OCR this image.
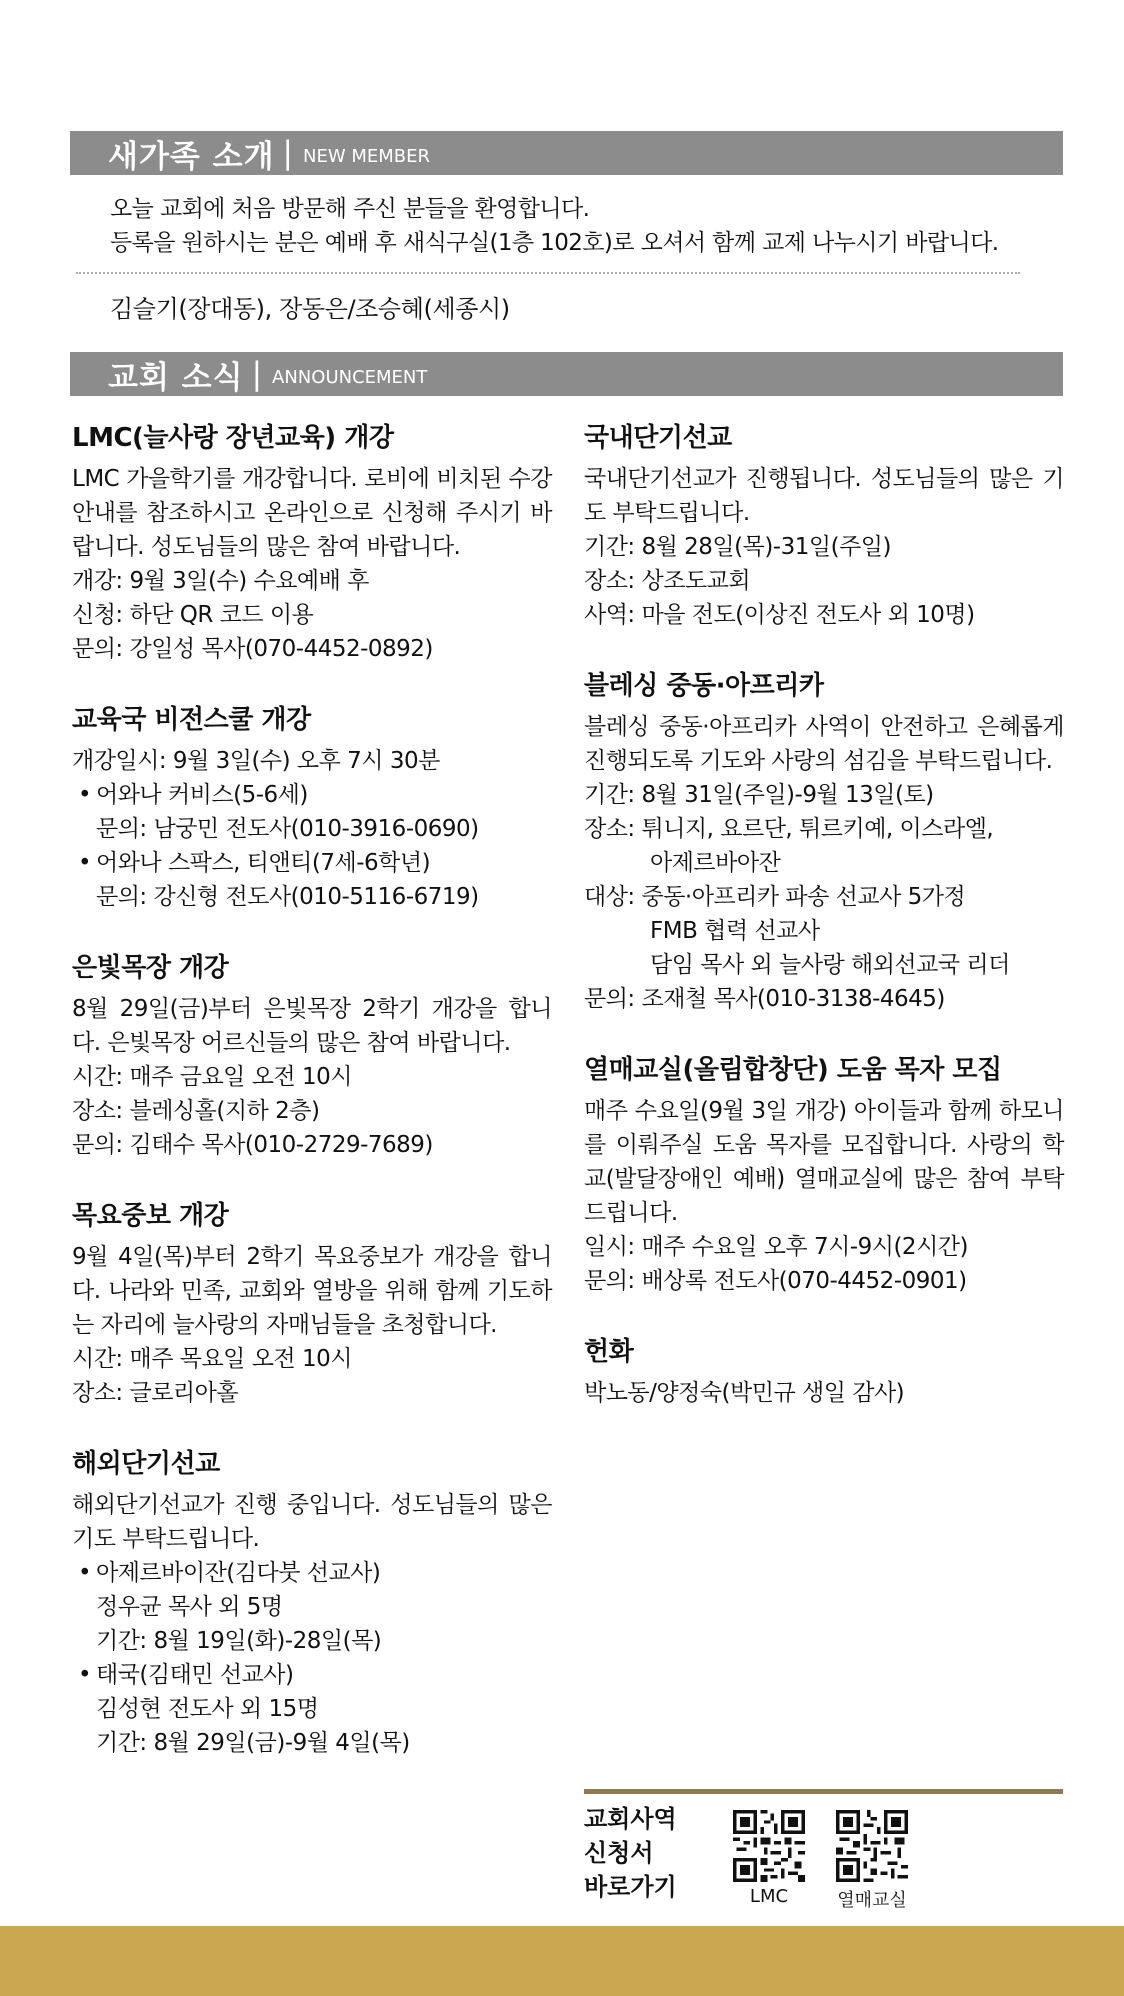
새가족 소개 | NEW MEMBER
오늘 교회에 처음 방문해 주신 분들을 환영합니다.
등록을 원하시는 분은 예배 후 새식구실(1층 102호)로 오셔서 함께 교제 나누시기 바랍니다.
김슬기(장대동), 장동은/조승혜(세종시)
교회 소식 | ANNOUNCEMENT
LMC(늘사랑 장년교육) 개강

LMC 가을학기를 개강합니다. 로비에 비치된 수강 안내를 참조하시고 온라인으로 신청해 주시기 바랍니다. 성도님들의 많은 참여 바랍니다.

개강: 9월 3일(수) 수요예배 후
신청: 하단 QR 코드 이용
문의: 강일성 목사(070-4452-0892)
교육국 비전스쿨 개강
개강일시: 9월 3일(수) 오후 7시 30분
• 어와나 커비스(5-6세)
문의: 남궁민 전도사(010-3916-0690)
• 어와나 스팍스, 티앤티(7세-6학년)
문의: 강신형 전도사(010-5116-6719)
은빛목장 개강

8월 29일(금)부터 은빛목장 2학기 개강을 합니다. 은빛목장 어르신들의 많은 참여 바랍니다.

시간: 매주 금요일 오전 10시
장소: 블레싱홀(지하 2층)
문의: 김태수 목사(010-2729-7689)
목요중보 개강

9월 4일(목)부터 2학기 목요중보가 개강을 합니다. 나라와 민족, 교회와 열방을 위해 함께 기도하는 자리에 늘사랑의 자매님들을 초청합니다.

시간: 매주 목요일 오전 10시
장소: 글로리아홀
해외단기선교

해외단기선교가 진행 중입니다. 성도님들의 많은 기도 부탁드립니다.

• 아제르바이잔(김다붓 선교사)
정우균 목사 외 5명
기간: 8월 19일(화)-28일(목)
• 태국(김태민 선교사)
김성현 전도사 외 15명
기간: 8월 29일(금)-9월 4일(목)
국내단기선교

국내단기선교가 진행됩니다. 성도님들의 많은 기도 부탁드립니다.

기간: 8월 28일(목)-31일(주일)
장소: 상조도교회
사역: 마을 전도(이상진 전도사 외 10명)
블레싱 중동·아프리카

블레싱 중동·아프리카 사역이 안전하고 은혜롭게 진행되도록 기도와 사랑의 섬김을 부탁드립니다.

기간: 8월 31일(주일)-9월 13일(토)
장소: 튀니지, 요르단, 튀르키예, 이스라엘,
아제르바아잔
대상: 중동·아프리카 파송 선교사 5가정
FMB 협력 선교사
담임 목사 외 늘사랑 해외선교국 리더
문의: 조재철 목사(010-3138-4645)
열매교실(올림합창단) 도움 목자 모집

매주 수요일(9월 3일 개강) 아이들과 함께 하모니를 이뤄주실 도움 목자를 모집합니다. 사랑의 학교(발달장애인 예배) 열매교실에 많은 참여 부탁드립니다.

일시: 매주 수요일 오후 7시-9시(2시간)
문의: 배상록 전도사(070-4452-0901)
헌화
박노동/양정숙(박민규 생일 감사)
교회사역
신청서
바로가기	LMC	열매교실
